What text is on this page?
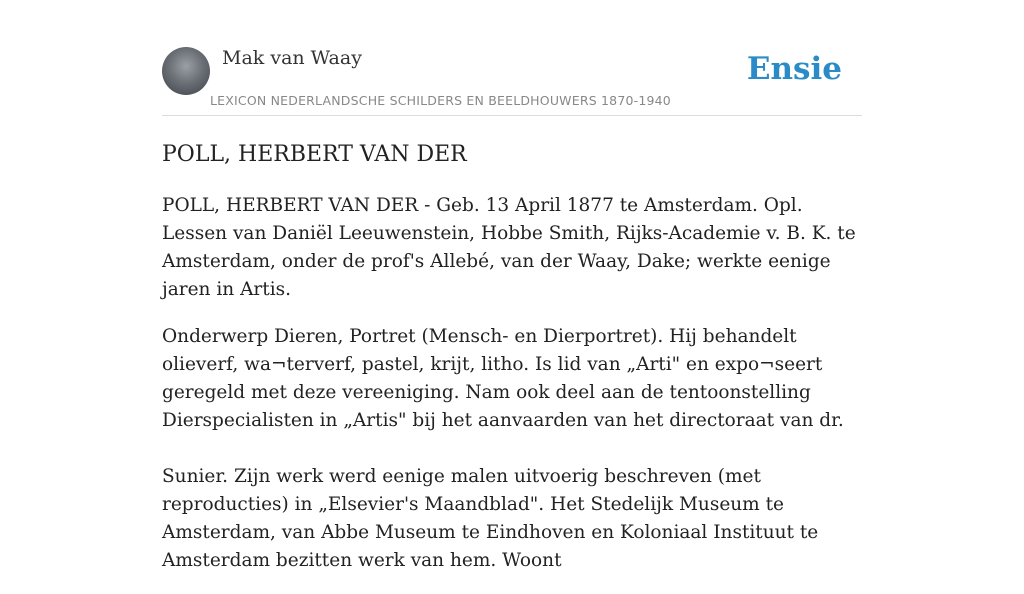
Mak van Waay
LEXICON NEDERLANDSCHE SCHILDERS EN BEELDHOUWERS 1870-1940
Ensie
POLL, HERBERT VAN DER

POLL, HERBERT VAN DER - Geb. 13 April 1877 te Amsterdam. Opl. Lessen van Daniël Leeuwenstein, Hobbe Smith, Rijks-Academie v. B. K. te Amsterdam, onder de prof's Allebé, van der Waay, Dake; werkte eenige jaren in Artis.

Onderwerp Dieren, Portret (Mensch- en Dierportret). Hij behandelt olieverf, wa¬terverf, pastel, krijt, litho. Is lid van „Arti" en expo¬seert geregeld met deze vereeniging. Nam ook deel aan de tentoonstelling Dierspecialisten in „Artis" bij het aanvaarden van het directoraat van dr.

Sunier. Zijn werk werd eenige malen uitvoerig beschreven (met reproducties) in „Elsevier's Maandblad". Het Stedelijk Museum te Amsterdam, van Abbe Museum te Eindhoven en Koloniaal Instituut te Amsterdam bezitten werk van hem. Woont
